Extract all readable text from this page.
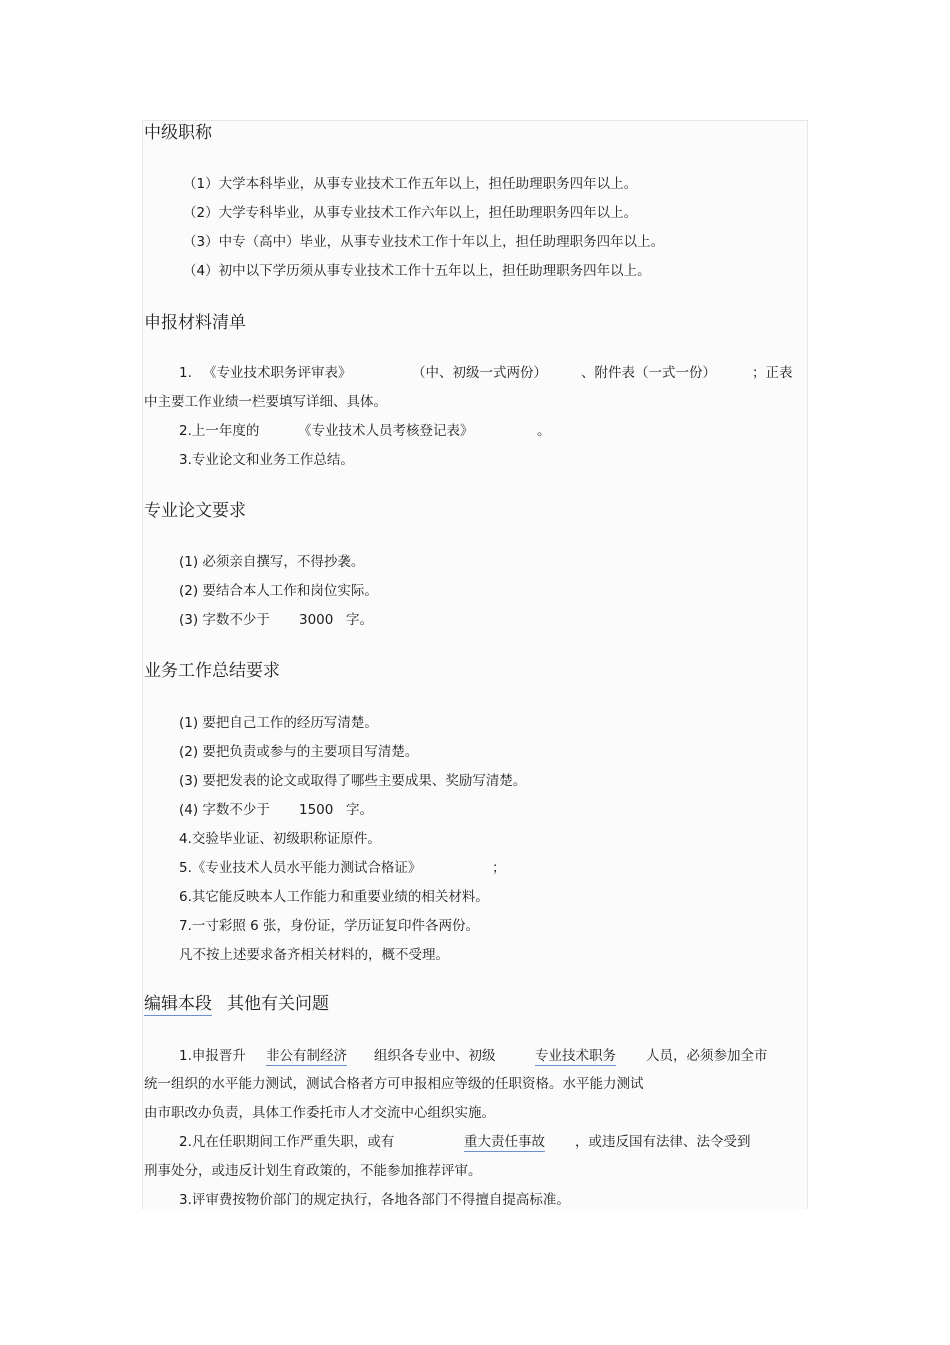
中级职称
（1）大学本科毕业，从事专业技术工作五年以上，担任助理职务四年以上。
（2）大学专科毕业，从事专业技术工作六年以上，担任助理职务四年以上。
（3）中专（高中）毕业，从事专业技术工作十年以上，担任助理职务四年以上。
（4）初中以下学历须从事专业技术工作十五年以上，担任助理职务四年以上。
申报材料清单
1. 《专业技术职务评审表》	（中、初级一式两份）	、附件表（一式一份）	；正表
中主要工作业绩一栏要填写详细、具体。
2.上一年度的	《专业技术人员考核登记表》	。
3.专业论文和业务工作总结。
专业论文要求
(1) 必须亲自撰写，不得抄袭。
(2) 要结合本人工作和岗位实际。
(3) 字数不少于 3000 字。
业务工作总结要求
(1) 要把自己工作的经历写清楚。
(2) 要把负责或参与的主要项目写清楚。
(3) 要把发表的论文或取得了哪些主要成果、奖励写清楚。
(4) 字数不少于 1500 字。
4.交验毕业证、初级职称证原件。
5.《专业技术人员水平能力测试合格证》	；
6.其它能反映本人工作能力和重要业绩的相关材料。
7.一寸彩照 6 张，身份证，学历证复印件各两份。
凡不按上述要求备齐相关材料的，概不受理。
编辑本段 其他有关问题
1.申报晋升 非公有制经济 组织各专业中、初级	专业技术职务 人员，必须参加全市
统一组织的水平能力测试，测试合格者方可申报相应等级的任职资格。水平能力测试
由市职改办负责，具体工作委托市人才交流中心组织实施。
2.凡在任职期间工作严重失职，或有	重大责任事故 ，或违反国有法律、法令受到
刑事处分，或违反计划生育政策的，不能参加推荐评审。
3.评审费按物价部门的规定执行，各地各部门不得擅自提高标准。
